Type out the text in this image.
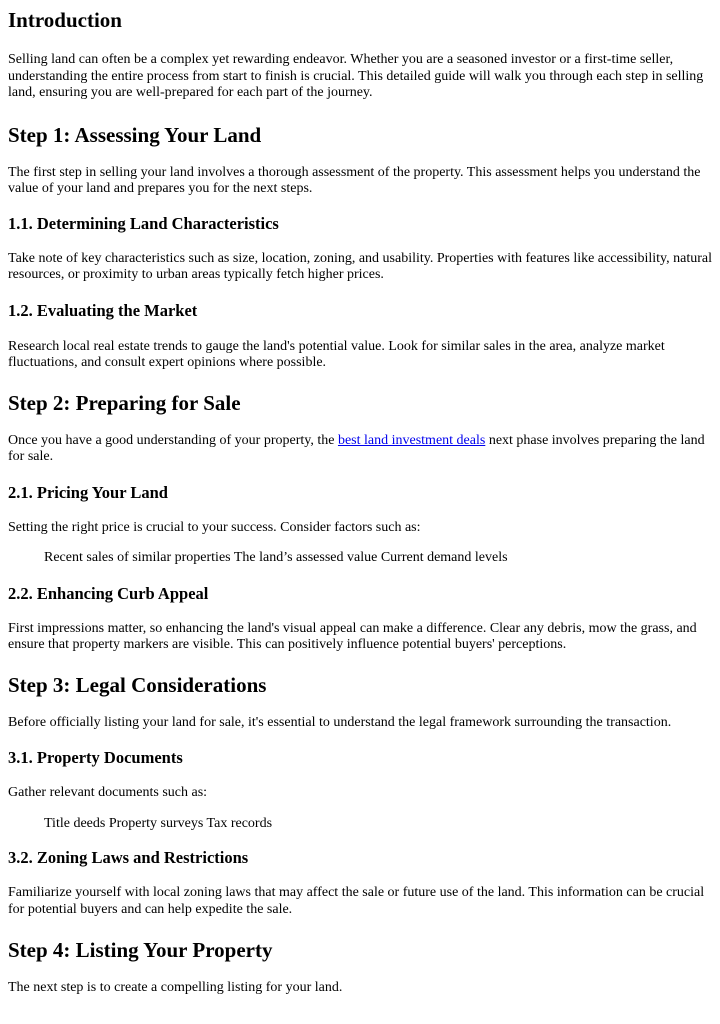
Introduction

Selling land can often be a complex yet rewarding endeavor. Whether you are a seasoned investor or a first-time seller, understanding the entire process from start to finish is crucial. This detailed guide will walk you through each step in selling land, ensuring you are well-prepared for each part of the journey.

Step 1: Assessing Your Land

The first step in selling your land involves a thorough assessment of the property. This assessment helps you understand the value of your land and prepares you for the next steps.

1.1. Determining Land Characteristics

Take note of key characteristics such as size, location, zoning, and usability. Properties with features like accessibility, natural resources, or proximity to urban areas typically fetch higher prices.

1.2. Evaluating the Market

Research local real estate trends to gauge the land's potential value. Look for similar sales in the area, analyze market fluctuations, and consult expert opinions where possible.

Step 2: Preparing for Sale

Once you have a good understanding of your property, the best land investment deals next phase involves preparing the land for sale.

2.1. Pricing Your Land

Setting the right price is crucial to your success. Consider factors such as:

Recent sales of similar properties The land’s assessed value Current demand levels

2.2. Enhancing Curb Appeal

First impressions matter, so enhancing the land's visual appeal can make a difference. Clear any debris, mow the grass, and ensure that property markers are visible. This can positively influence potential buyers' perceptions.

Step 3: Legal Considerations

Before officially listing your land for sale, it's essential to understand the legal framework surrounding the transaction.

3.1. Property Documents

Gather relevant documents such as:

Title deeds Property surveys Tax records

3.2. Zoning Laws and Restrictions

Familiarize yourself with local zoning laws that may affect the sale or future use of the land. This information can be crucial for potential buyers and can help expedite the sale.

Step 4: Listing Your Property

The next step is to create a compelling listing for your land.
